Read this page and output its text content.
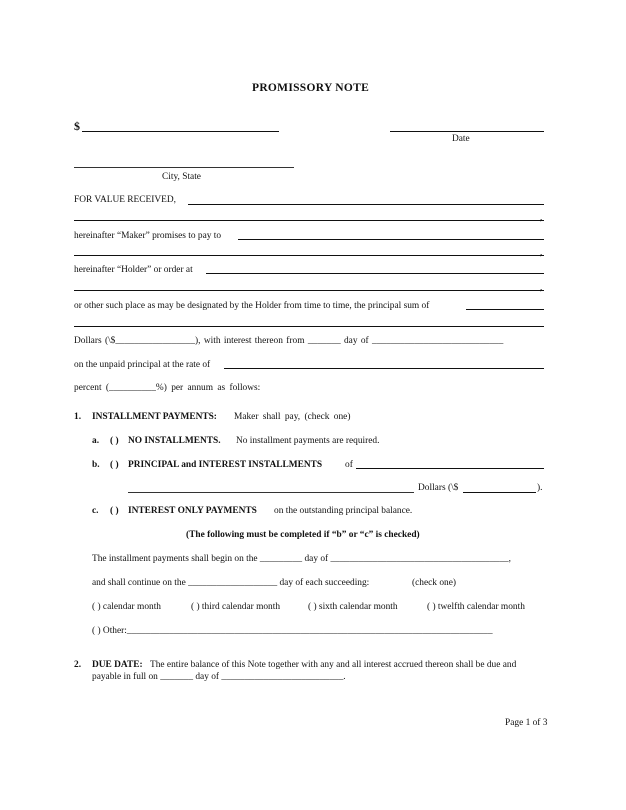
PROMISSORY NOTE
$
Date
City, State
FOR VALUE RECEIVED,
,
hereinafter “Maker” promises to pay to
,
hereinafter “Holder” or order at
,
or other such place as may be designated by the Holder from time to time, the principal sum of
Dollars (\$_________________), with interest thereon from _______ day of ____________________________
on the unpaid principal at the rate of
percent (__________%) per annum as follows:
1. INSTALLMENT PAYMENTS: Maker shall pay, (check one)
a. ( ) NO INSTALLMENTS. No installment payments are required.
b. ( ) PRINCIPAL and INTEREST INSTALLMENTS of
Dollars (\$	).
c. ( ) INTEREST ONLY PAYMENTS on the outstanding principal balance.
(The following must be completed if “b” or “c” is checked)
The installment payments shall begin on the _________ day of ______________________________________,
and shall continue on the ___________________ day of each succeeding:	(check one)
( ) calendar month	( ) third calendar month	( ) sixth calendar month	( ) twelfth calendar month
( ) Other:______________________________________________________________________________
2. DUE DATE: The entire balance of this Note together with any and all interest accrued thereon shall be due and
payable in full on _______ day of __________________________.
Page 1 of 3
